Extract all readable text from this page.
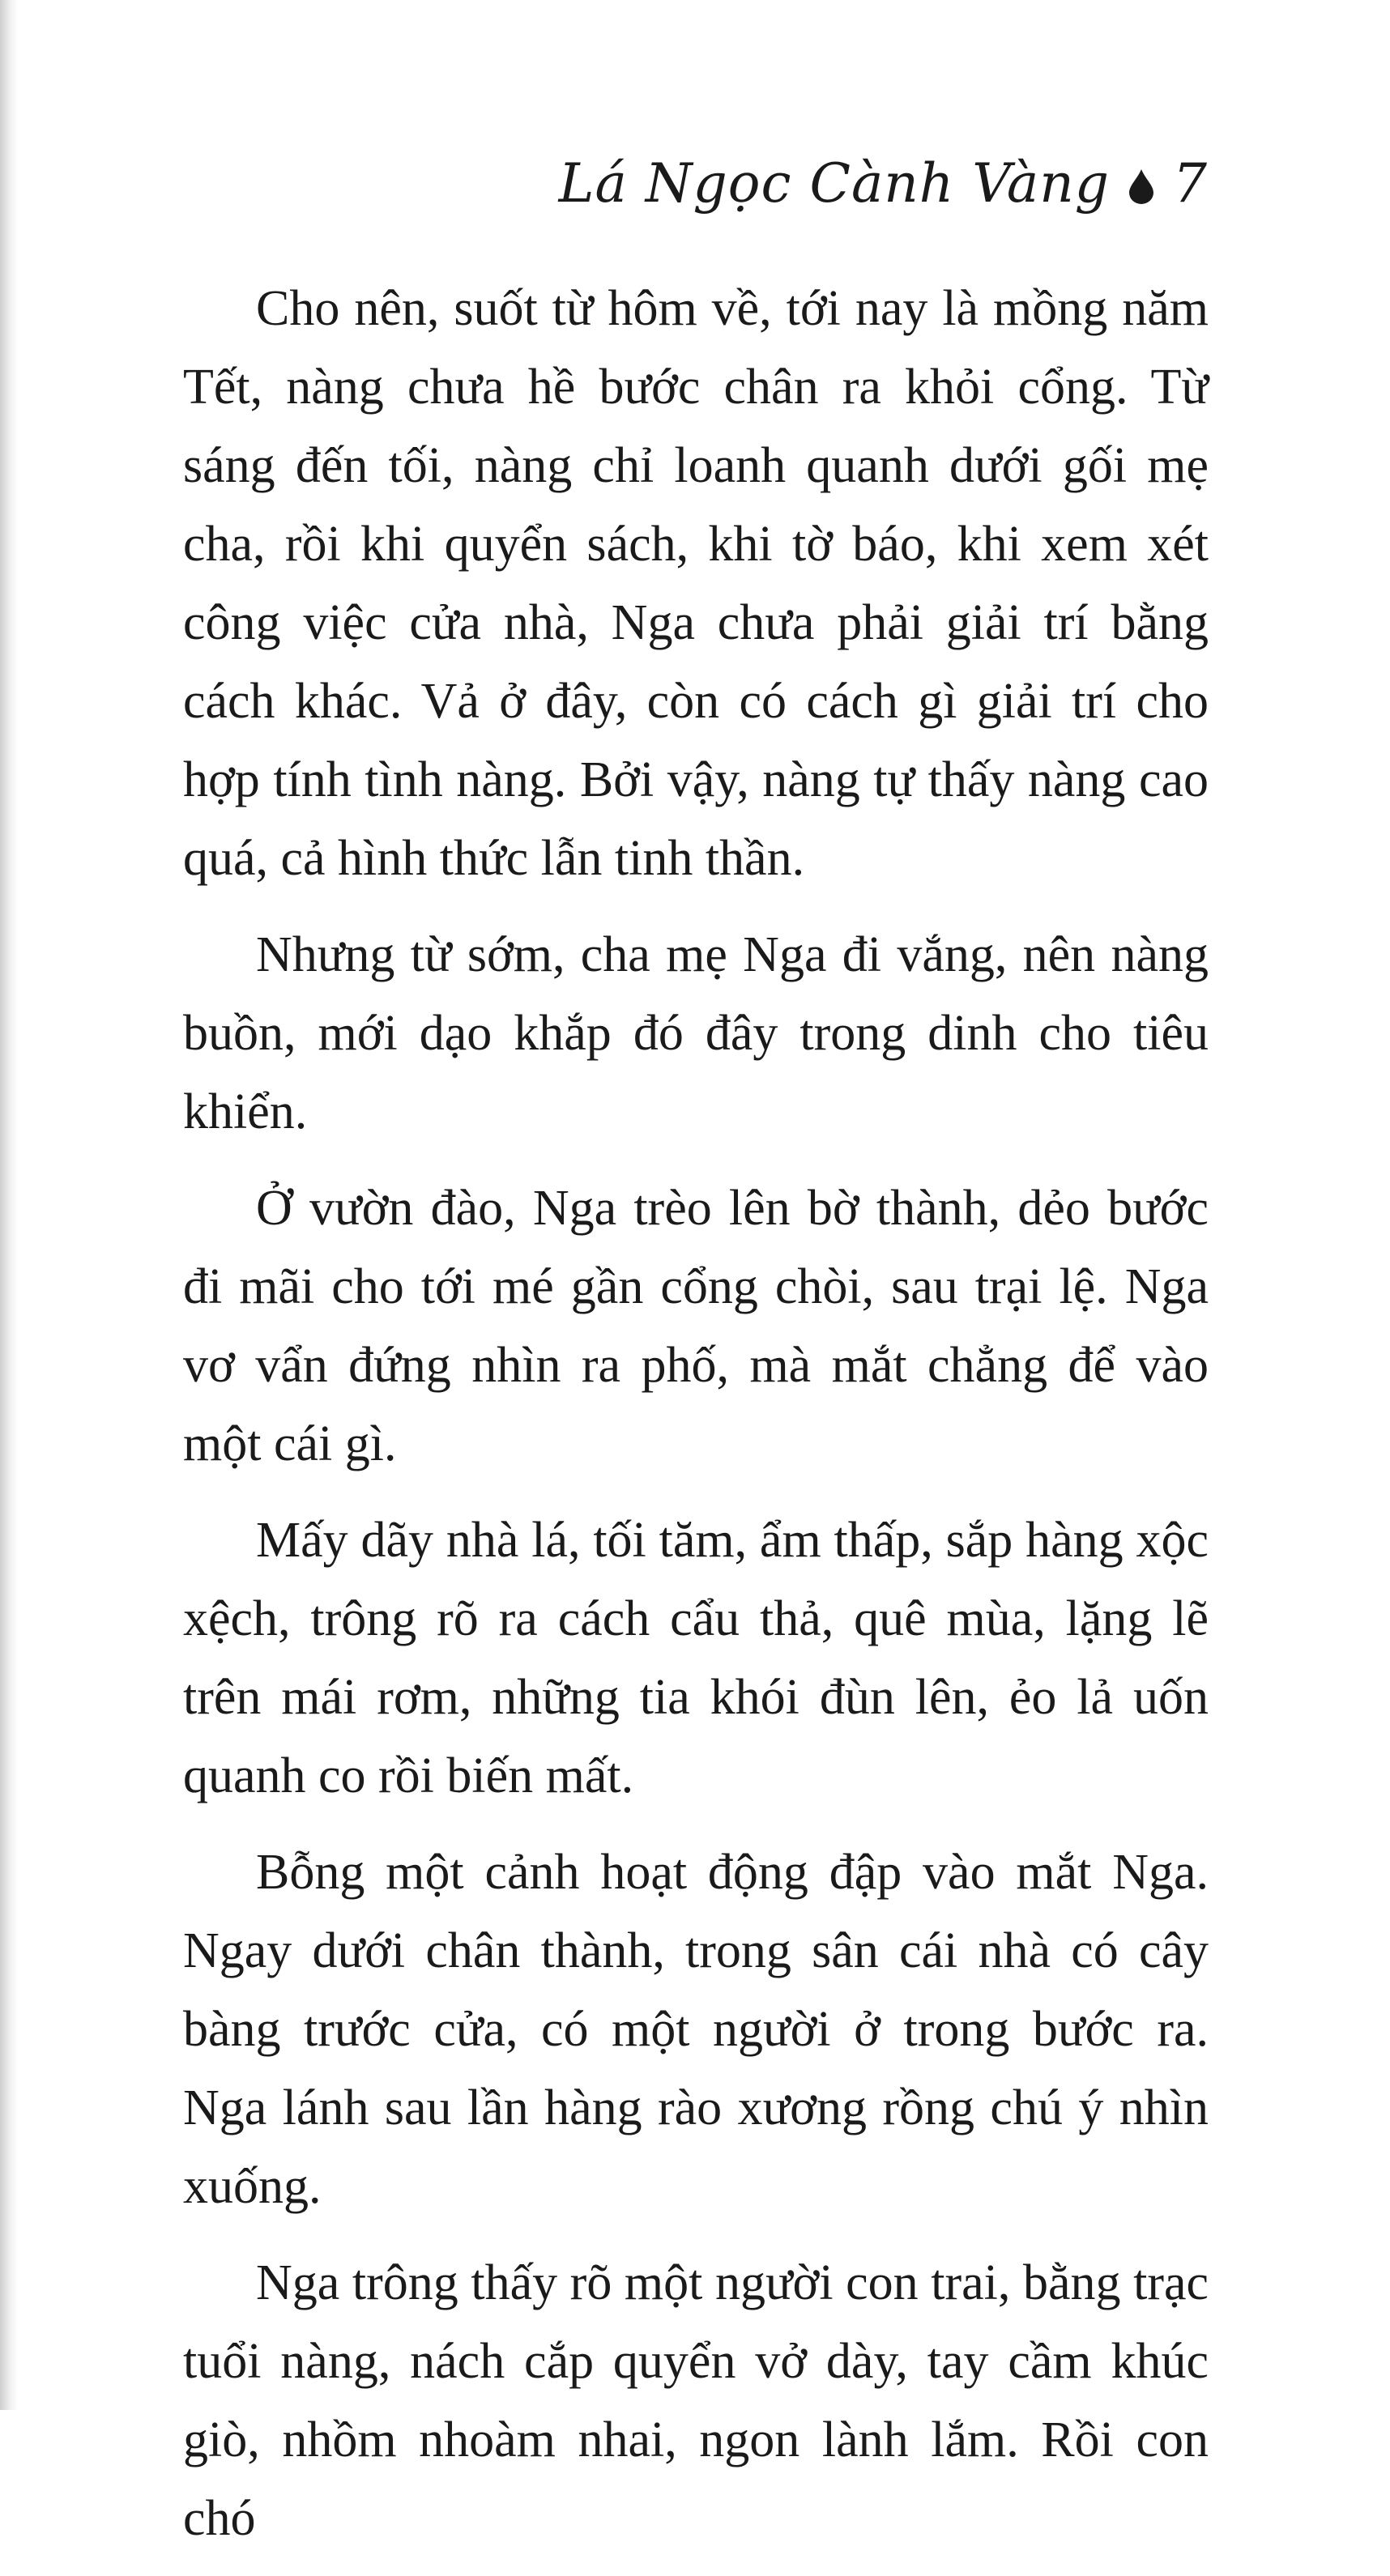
Lá Ngọc Cành Vàng 7

Cho nên, suốt từ hôm về, tới nay là mồng năm Tết, nàng chưa hề bước chân ra khỏi cổng. Từ sáng đến tối, nàng chỉ loanh quanh dưới gối mẹ cha, rồi khi quyển sách, khi tờ báo, khi xem xét công việc cửa nhà, Nga chưa phải giải trí bằng cách khác. Vả ở đây, còn có cách gì giải trí cho hợp tính tình nàng. Bởi vậy, nàng tự thấy nàng cao quá, cả hình thức lẫn tinh thần.

Nhưng từ sớm, cha mẹ Nga đi vắng, nên nàng buồn, mới dạo khắp đó đây trong dinh cho tiêu khiển.

Ở vườn đào, Nga trèo lên bờ thành, dẻo bước đi mãi cho tới mé gần cổng chòi, sau trại lệ. Nga vơ vẩn đứng nhìn ra phố, mà mắt chẳng để vào một cái gì.

Mấy dãy nhà lá, tối tăm, ẩm thấp, sắp hàng xộc xệch, trông rõ ra cách cẩu thả, quê mùa, lặng lẽ trên mái rơm, những tia khói đùn lên, ẻo lả uốn quanh co rồi biến mất.

Bỗng một cảnh hoạt động đập vào mắt Nga. Ngay dưới chân thành, trong sân cái nhà có cây bàng trước cửa, có một người ở trong bước ra. Nga lánh sau lần hàng rào xương rồng chú ý nhìn xuống.

Nga trông thấy rõ một người con trai, bằng trạc tuổi nàng, nách cắp quyển vở dày, tay cầm khúc giò, nhồm nhoàm nhai, ngon lành lắm. Rồi con chó
